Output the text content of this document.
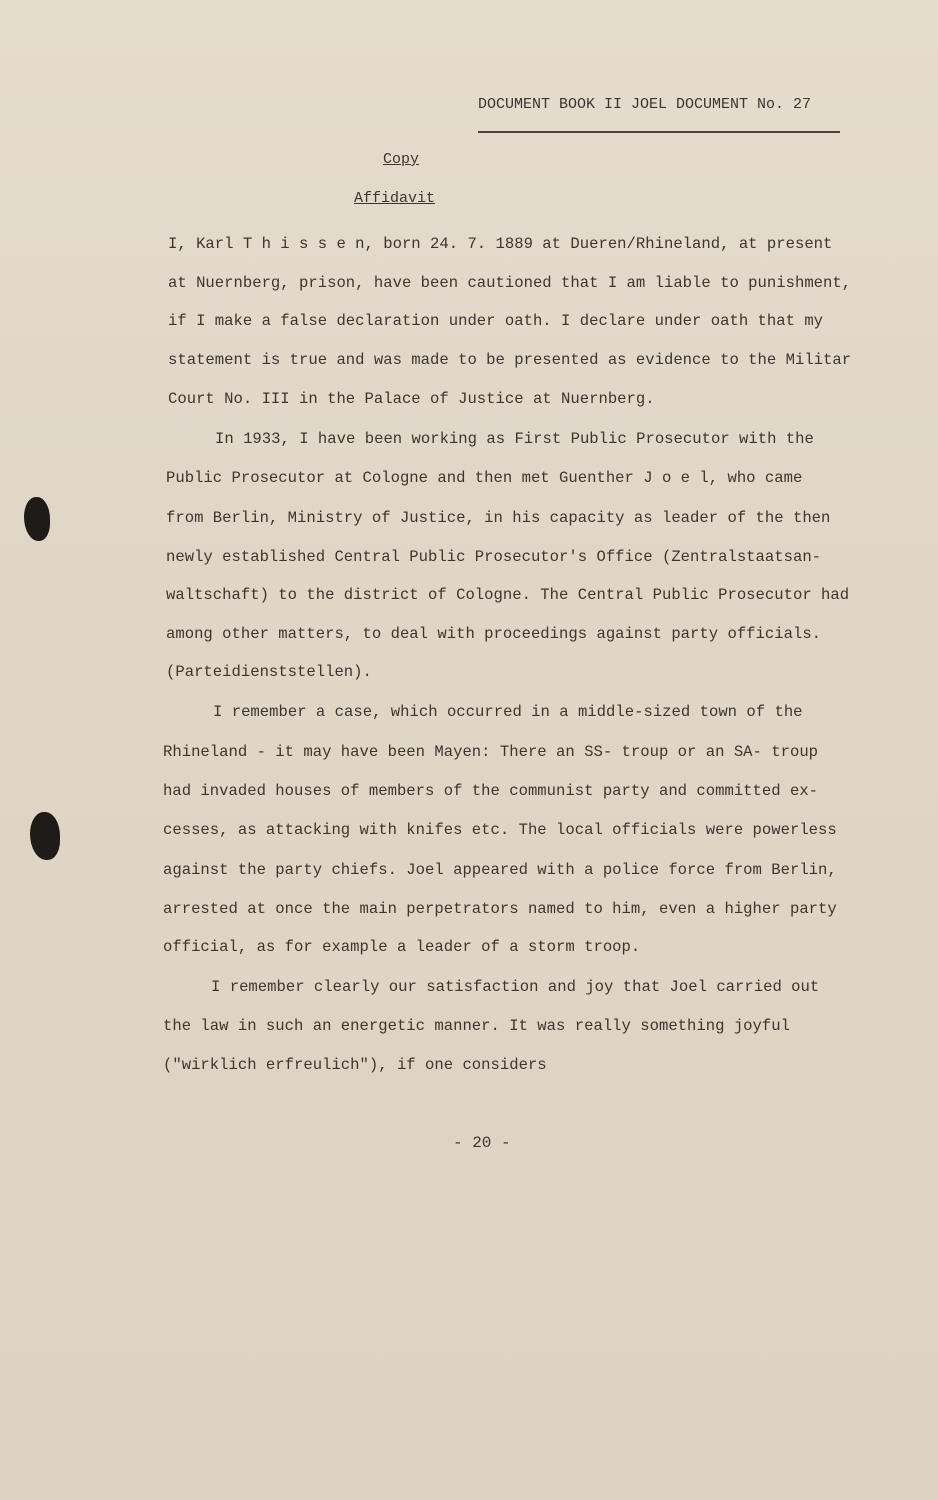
DOCUMENT BOOK II JOEL DOCUMENT No. 27
Copy
Affidavit
I, Karl T h i s s e n, born 24. 7. 1889 at Dueren/Rhineland, at present
at Nuernberg, prison, have been cautioned that I am liable to punishment,
if I make a false declaration under oath. I declare under oath that my
statement is true and was made to be presented as evidence to the Militar
Court No. III in the Palace of Justice at Nuernberg.
In 1933, I have been working as First Public Prosecutor with the
Public Prosecutor at Cologne and then met Guenther J o e l, who came
from Berlin, Ministry of Justice, in his capacity as leader of the then
newly established Central Public Prosecutor's Office (Zentralstaatsan-
waltschaft) to the district of Cologne. The Central Public Prosecutor had
among other matters, to deal with proceedings against party officials.
(Parteidienststellen).
I remember a case, which occurred in a middle-sized town of the
Rhineland - it may have been Mayen: There an SS- troup or an SA- troup
had invaded houses of members of the communist party and committed ex-
cesses, as attacking with knifes etc. The local officials were powerless
against the party chiefs. Joel appeared with a police force from Berlin,
arrested at once the main perpetrators named to him, even a higher party
official, as for example a leader of a storm troop.
I remember clearly our satisfaction and joy that Joel carried out
the law in such an energetic manner. It was really something joyful
("wirklich erfreulich"), if one considers
- 20 -
